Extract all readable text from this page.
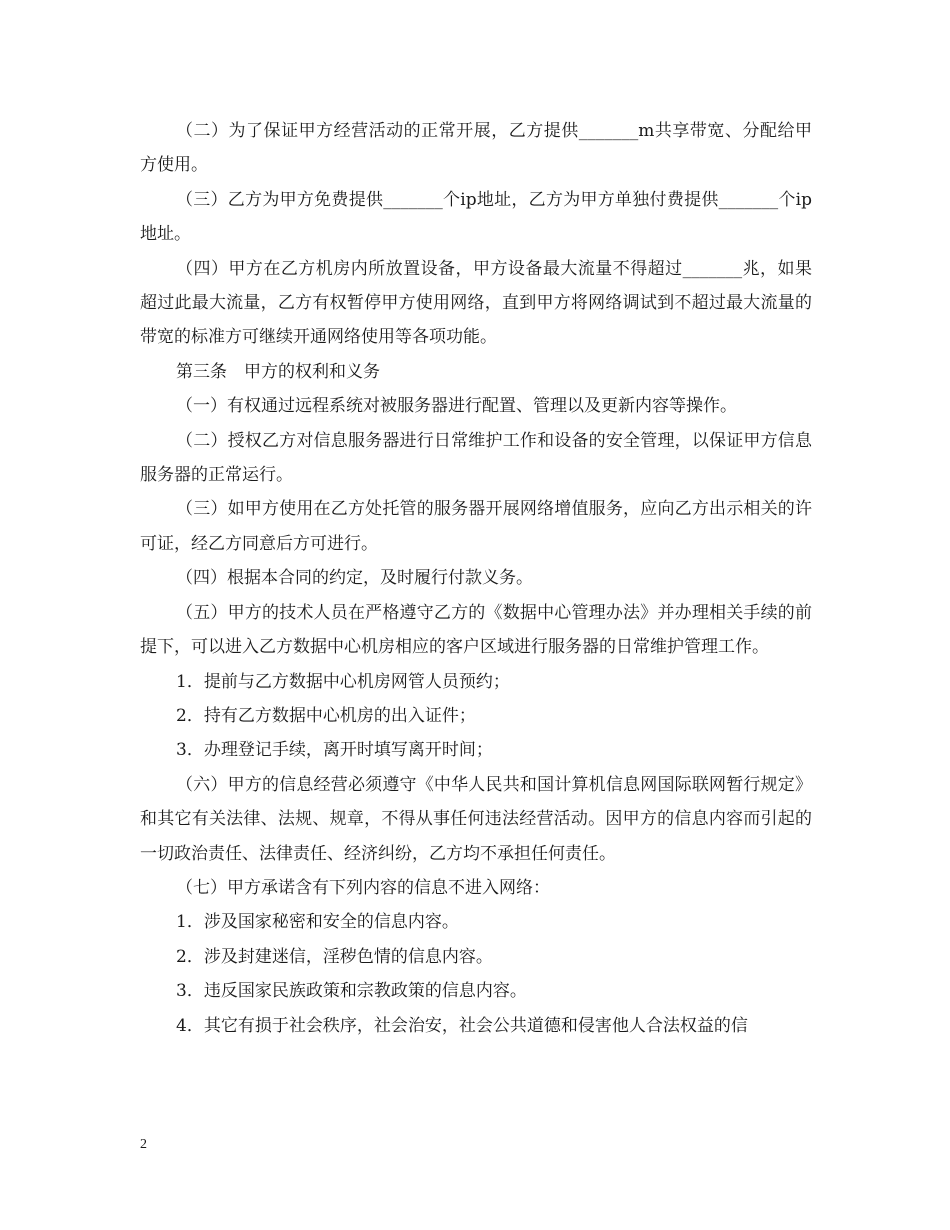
（二）为了保证甲方经营活动的正常开展，乙方提供_______m共享带宽、分配给甲方使用。

（三）乙方为甲方免费提供_______个ip地址，乙方为甲方单独付费提供_______个ip地址。

（四）甲方在乙方机房内所放置设备，甲方设备最大流量不得超过_______兆，如果超过此最大流量，乙方有权暂停甲方使用网络，直到甲方将网络调试到不超过最大流量的带宽的标准方可继续开通网络使用等各项功能。

第三条　甲方的权利和义务

（一）有权通过远程系统对被服务器进行配置、管理以及更新内容等操作。

（二）授权乙方对信息服务器进行日常维护工作和设备的安全管理，以保证甲方信息服务器的正常运行。

（三）如甲方使用在乙方处托管的服务器开展网络增值服务，应向乙方出示相关的许可证，经乙方同意后方可进行。

（四）根据本合同的约定，及时履行付款义务。

（五）甲方的技术人员在严格遵守乙方的《数据中心管理办法》并办理相关手续的前提下，可以进入乙方数据中心机房相应的客户区域进行服务器的日常维护管理工作。

1．提前与乙方数据中心机房网管人员预约；

2．持有乙方数据中心机房的出入证件；

3．办理登记手续，离开时填写离开时间；

（六）甲方的信息经营必须遵守《中华人民共和国计算机信息网国际联网暂行规定》和其它有关法律、法规、规章，不得从事任何违法经营活动。因甲方的信息内容而引起的一切政治责任、法律责任、经济纠纷，乙方均不承担任何责任。

（七）甲方承诺含有下列内容的信息不进入网络：

1．涉及国家秘密和安全的信息内容。

2．涉及封建迷信，淫秽色情的信息内容。

3．违反国家民族政策和宗教政策的信息内容。

4．其它有损于社会秩序，社会治安，社会公共道德和侵害他人合法权益的信

2
